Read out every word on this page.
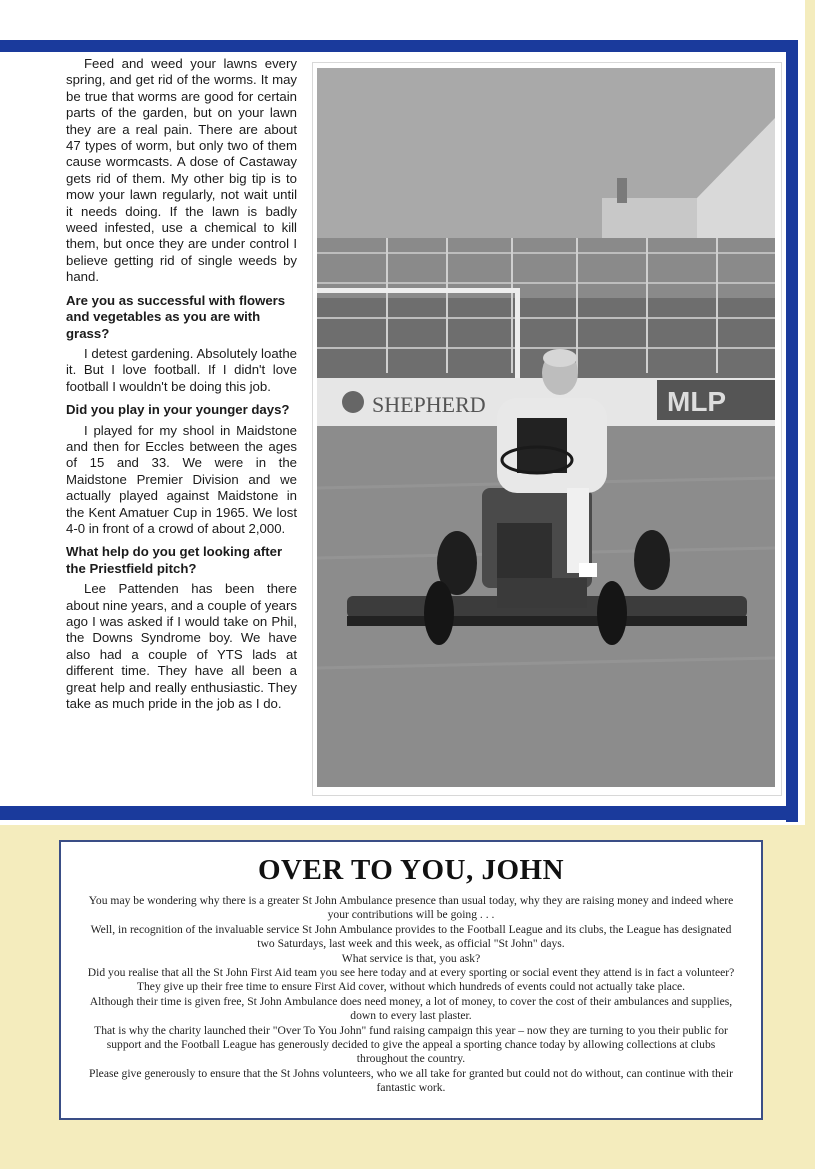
Feed and weed your lawns every spring, and get rid of the worms. It may be true that worms are good for certain parts of the garden, but on your lawn they are a real pain. There are about 47 types of worm, but only two of them cause wormcasts. A dose of Castaway gets rid of them. My other big tip is to mow your lawn regularly, not wait until it needs doing. If the lawn is badly weed infested, use a chemical to kill them, but once they are under control I believe getting rid of single weeds by hand.

Are you as successful with flowers and vegetables as you are with grass?

I detest gardening. Absolutely loathe it. But I love football. If I didn't love football I wouldn't be doing this job.

Did you play in your younger days?

I played for my shool in Maidstone and then for Eccles between the ages of 15 and 33. We were in the Maidstone Premier Division and we actually played against Maidstone in the Kent Amatuer Cup in 1965. We lost 4-0 in front of a crowd of about 2,000.

What help do you get looking after the Priestfield pitch?

Lee Pattenden has been there about nine years, and a couple of years ago I was asked if I would take on Phil, the Downs Syndrome boy. We have also had a couple of YTS lads at different time. They have all been a great help and really enthusiastic. They take as much pride in the job as I do.

SHEPHERD	MLP
OVER TO YOU, JOHN

You may be wondering why there is a greater St John Ambulance presence than usual today, why they are raising money and indeed where your contributions will be going . . .

Well, in recognition of the invaluable service St John Ambulance provides to the Football League and its clubs, the League has designated two Saturdays, last week and this week, as official "St John" days.

What service is that, you ask?

Did you realise that all the St John First Aid team you see here today and at every sporting or social event they attend is in fact a volunteer? They give up their free time to ensure First Aid cover, without which hundreds of events could not actually take place.

Although their time is given free, St John Ambulance does need money, a lot of money, to cover the cost of their ambulances and supplies, down to every last plaster.

That is why the charity launched their "Over To You John" fund raising campaign this year – now they are turning to you their public for support and the Football League has generously decided to give the appeal a sporting chance today by allowing collections at clubs throughout the country.

Please give generously to ensure that the St Johns volunteers, who we all take for granted but could not do without, can continue with their fantastic work.
